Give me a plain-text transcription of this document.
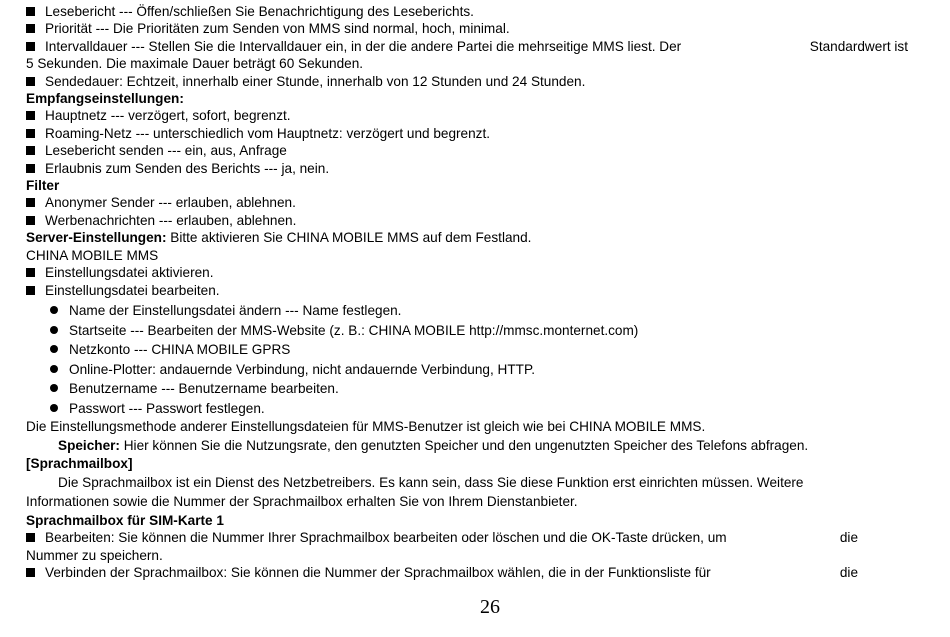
Lesebericht --- Öffen/schließen Sie Benachrichtigung des Leseberichts.
Priorität --- Die Prioritäten zum Senden von MMS sind normal, hoch, minimal.
Intervalldauer --- Stellen Sie die Intervalldauer ein, in der die andere Partei die mehrseitige MMS liest. Der	Standardwert ist
5 Sekunden. Die maximale Dauer beträgt 60 Sekunden.
Sendedauer: Echtzeit, innerhalb einer Stunde, innerhalb von 12 Stunden und 24 Stunden.
Empfangseinstellungen:
Hauptnetz --- verzögert, sofort, begrenzt.
Roaming-Netz --- unterschiedlich vom Hauptnetz: verzögert und begrenzt.
Lesebericht senden --- ein, aus, Anfrage
Erlaubnis zum Senden des Berichts --- ja, nein.
Filter
Anonymer Sender --- erlauben, ablehnen.
Werbenachrichten --- erlauben, ablehnen.
Server-Einstellungen: Bitte aktivieren Sie CHINA MOBILE MMS auf dem Festland.
CHINA MOBILE MMS
Einstellungsdatei aktivieren.
Einstellungsdatei bearbeiten.
Name der Einstellungsdatei ändern --- Name festlegen.
Startseite --- Bearbeiten der MMS-Website (z. B.: CHINA MOBILE http://mmsc.monternet.com)
Netzkonto --- CHINA MOBILE GPRS
Online-Plotter: andauernde Verbindung, nicht andauernde Verbindung, HTTP.
Benutzername --- Benutzername bearbeiten.
Passwort --- Passwort festlegen.
Die Einstellungsmethode anderer Einstellungsdateien für MMS-Benutzer ist gleich wie bei CHINA MOBILE MMS.
Speicher: Hier können Sie die Nutzungsrate, den genutzten Speicher und den ungenutzten Speicher des Telefons abfragen.
[Sprachmailbox]
Die Sprachmailbox ist ein Dienst des Netzbetreibers. Es kann sein, dass Sie diese Funktion erst einrichten müssen. Weitere
Informationen sowie die Nummer der Sprachmailbox erhalten Sie von Ihrem Dienstanbieter.
Sprachmailbox für SIM-Karte 1
Bearbeiten: Sie können die Nummer Ihrer Sprachmailbox bearbeiten oder löschen und die OK-Taste drücken, um	die
Nummer zu speichern.
Verbinden der Sprachmailbox: Sie können die Nummer der Sprachmailbox wählen, die in der Funktionsliste für	die
26
